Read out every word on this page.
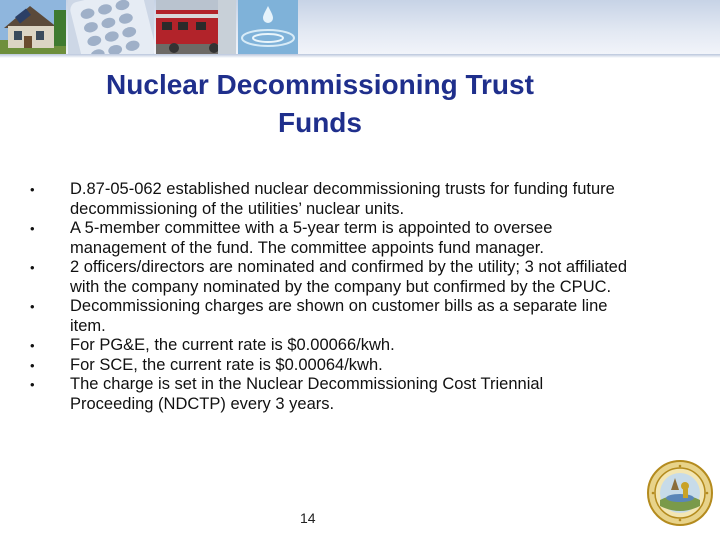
Nuclear Decommissioning Trust
Funds
•	D.87-05-062 established nuclear decommissioning trusts for funding future decommissioning of the utilities’ nuclear units.
•	A 5-member committee with a 5-year term is appointed to oversee management of the fund. The committee appoints fund manager.
•	2 officers/directors are nominated and confirmed by the utility; 3 not affiliated with the company nominated by the company but confirmed by the CPUC.
•	Decommissioning charges are shown on customer bills as a separate line item.
•	For PG&E, the current rate is $0.00066/kwh.
•	For SCE, the current rate is $0.00064/kwh.
•	The charge is set in the Nuclear Decommissioning Cost Triennial Proceeding (NDCTP) every 3 years.
14
